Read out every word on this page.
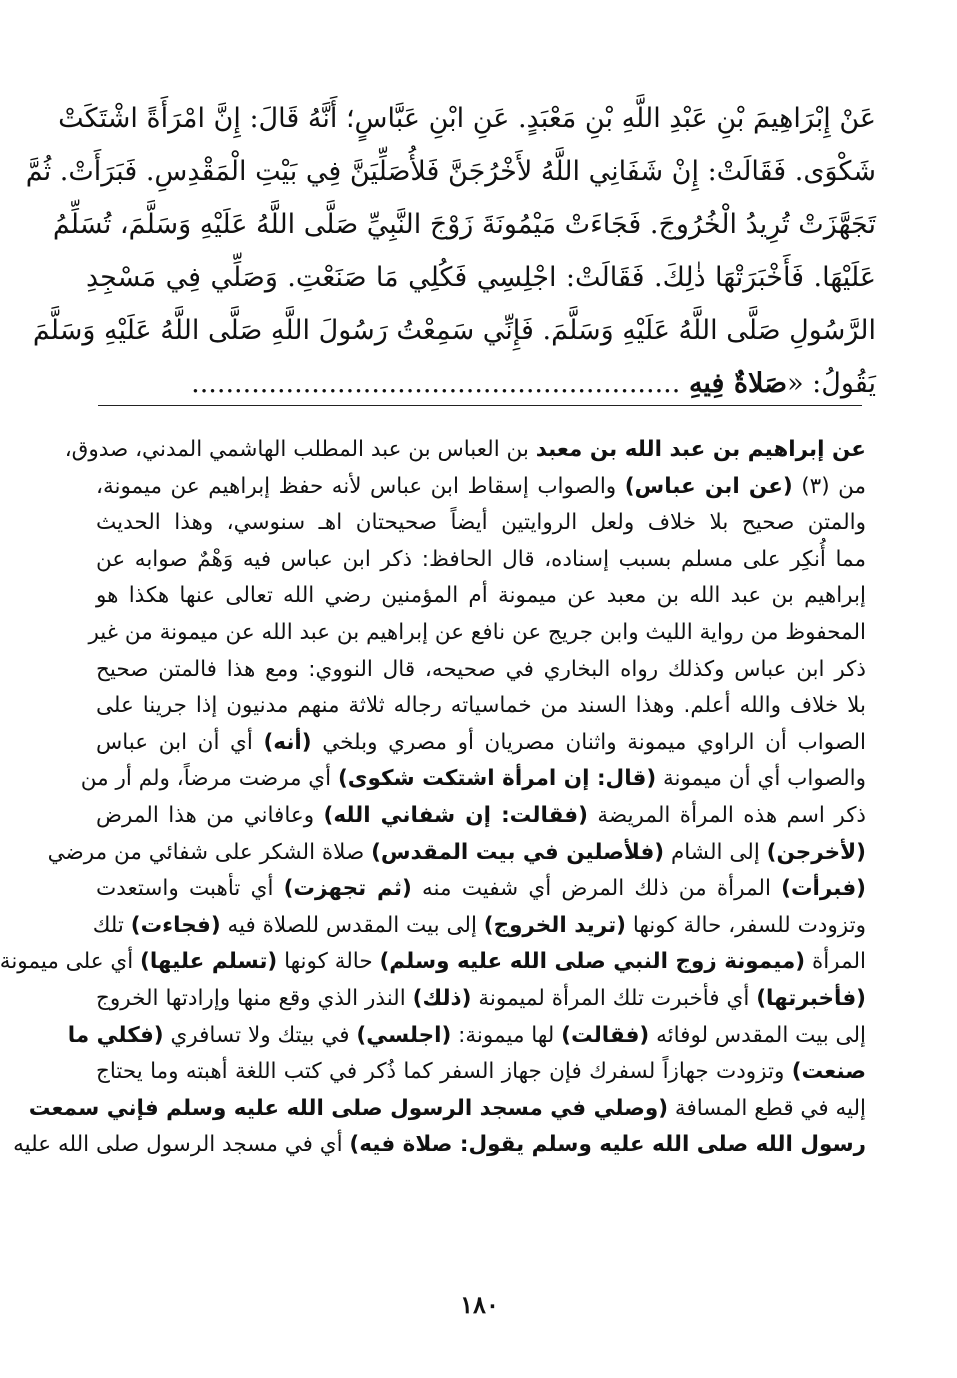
عَنْ إِبْرَاهِيمَ بْنِ عَبْدِ اللَّهِ بْنِ مَعْبَدٍ. عَنِ ابْنِ عَبَّاسٍ؛ أَنَّهُ قَالَ: إِنَّ امْرَأَةً اشْتَكَتْ
شَكْوَى. فَقَالَتْ: إِنْ شَفَانِي اللَّهُ لأَخْرُجَنَّ فَلأُصَلِّيَنَّ فِي بَيْتِ الْمَقْدِسِ. فَبَرَأَتْ. ثُمَّ
تَجَهَّزَتْ تُرِيدُ الْخُرُوجَ. فَجَاءَتْ مَيْمُونَةَ زَوْجَ النَّبِيِّ صَلَّى اللَّهُ عَلَيْهِ وَسَلَّمَ، تُسَلِّمُ
عَلَيْهَا. فَأَخْبَرَتْهَا ذٰلِكَ. فَقَالَتْ: اجْلِسِي فَكُلِي مَا صَنَعْتِ. وَصَلِّي فِي مَسْجِدِ
الرَّسُولِ صَلَّى اللَّهُ عَلَيْهِ وَسَلَّمَ. فَإِنِّي سَمِعْتُ رَسُولَ اللَّهِ صَلَّى اللَّهُ عَلَيْهِ وَسَلَّمَ
يَقُولُ: «صَلاةٌ فِيهِ .........................................................
عن إبراهيم بن عبد الله بن معبد بن العباس بن عبد المطلب الهاشمي المدني، صدوق،
من (٣) (عن ابن عباس) والصواب إسقاط ابن عباس لأنه حفظ إبراهيم عن ميمونة،
والمتن صحيح بلا خلاف ولعل الروايتين أيضاً صحيحتان اهـ سنوسي، وهذا الحديث
مما أُنكِر على مسلم بسبب إسناده، قال الحافظ: ذكر ابن عباس فيه وَهْمٌ صوابه عن
إبراهيم بن عبد الله بن معبد عن ميمونة أم المؤمنين رضي الله تعالى عنها هكذا هو
المحفوظ من رواية الليث وابن جريج عن نافع عن إبراهيم بن عبد الله عن ميمونة من غير
ذكر ابن عباس وكذلك رواه البخاري في صحيحه، قال النووي: ومع هذا فالمتن صحيح
بلا خلاف والله أعلم. وهذا السند من خماسياته رجاله ثلاثة منهم مدنيون إذا جرينا على
الصواب أن الراوي ميمونة واثنان مصريان أو مصري وبلخي (أنه) أي أن ابن عباس
والصواب أي أن ميمونة (قال: إن امرأة اشتكت شكوى) أي مرضت مرضاً، ولم أر من
ذكر اسم هذه المرأة المريضة (فقالت: إن شفاني الله) وعافاني من هذا المرض
(لأخرجن) إلى الشام (فلأصلين في بيت المقدس) صلاة الشكر على شفائي من مرضي
(فبرأت) المرأة من ذلك المرض أي شفيت منه (ثم تجهزت) أي تأهبت واستعدت
وتزودت للسفر، حالة كونها (تريد الخروج) إلى بيت المقدس للصلاة فيه (فجاءت) تلك
المرأة (ميمونة زوج النبي صلى الله عليه وسلم) حالة كونها (تسلم عليها) أي على ميمونة
(فأخبرتها) أي فأخبرت تلك المرأة لميمونة (ذلك) النذر الذي وقع منها وإرادتها الخروج
إلى بيت المقدس لوفائه (فقالت) لها ميمونة: (اجلسي) في بيتك ولا تسافري (فكلي ما
صنعت) وتزودت جهازاً لسفرك فإن جهاز السفر كما ذُكر في كتب اللغة أهبته وما يحتاج
إليه في قطع المسافة (وصلي في مسجد الرسول صلى الله عليه وسلم فإني سمعت
رسول الله صلى الله عليه وسلم يقول: صلاة فيه) أي في مسجد الرسول صلى الله عليه
١٨٠
